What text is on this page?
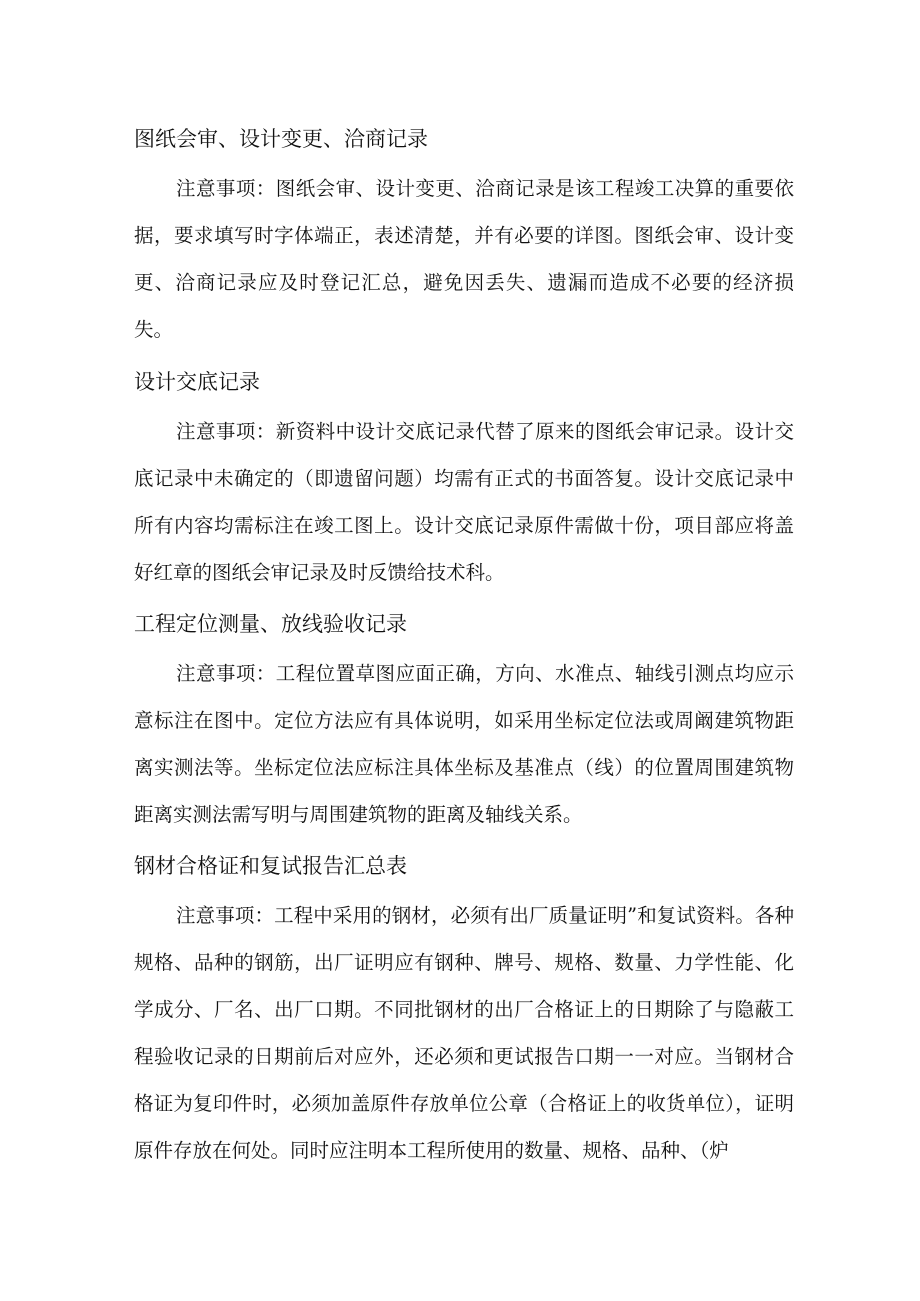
图纸会审、设计变更、洽商记录

注意事项：图纸会审、设计变更、洽商记录是该工程竣工决算的重要依据，要求填写时字体端正，表述清楚，并有必要的详图。图纸会审、设计变更、洽商记录应及时登记汇总，避免因丢失、遗漏而造成不必要的经济损失。

设计交底记录

注意事项：新资料中设计交底记录代替了原来的图纸会审记录。设计交底记录中未确定的（即遗留问题）均需有正式的书面答复。设计交底记录中所有内容均需标注在竣工图上。设计交底记录原件需做十份，项目部应将盖好红章的图纸会审记录及时反馈给技术科。

工程定位测量、放线验收记录

注意事项：工程位置草图应面正确，方向、水准点、轴线引测点均应示意标注在图中。定位方法应有具体说明，如采用坐标定位法或周阚建筑物距离实测法等。坐标定位法应标注具体坐标及基准点（线）的位置周围建筑物距离实测法需写明与周围建筑物的距离及轴线关系。

钢材合格证和复试报告汇总表

注意事项：工程中采用的钢材，必须有出厂质量证明”和复试资料。各种规格、品种的钢筋，出厂证明应有钢种、牌号、规格、数量、力学性能、化学成分、厂名、出厂口期。不同批钢材的出厂合格证上的日期除了与隐蔽工程验收记录的日期前后对应外，还必须和更试报告口期一一对应。当钢材合格证为复印件时，必须加盖原件存放单位公章（合格证上的收货单位），证明原件存放在何处。同时应注明本工程所使用的数量、规格、品种、（炉
